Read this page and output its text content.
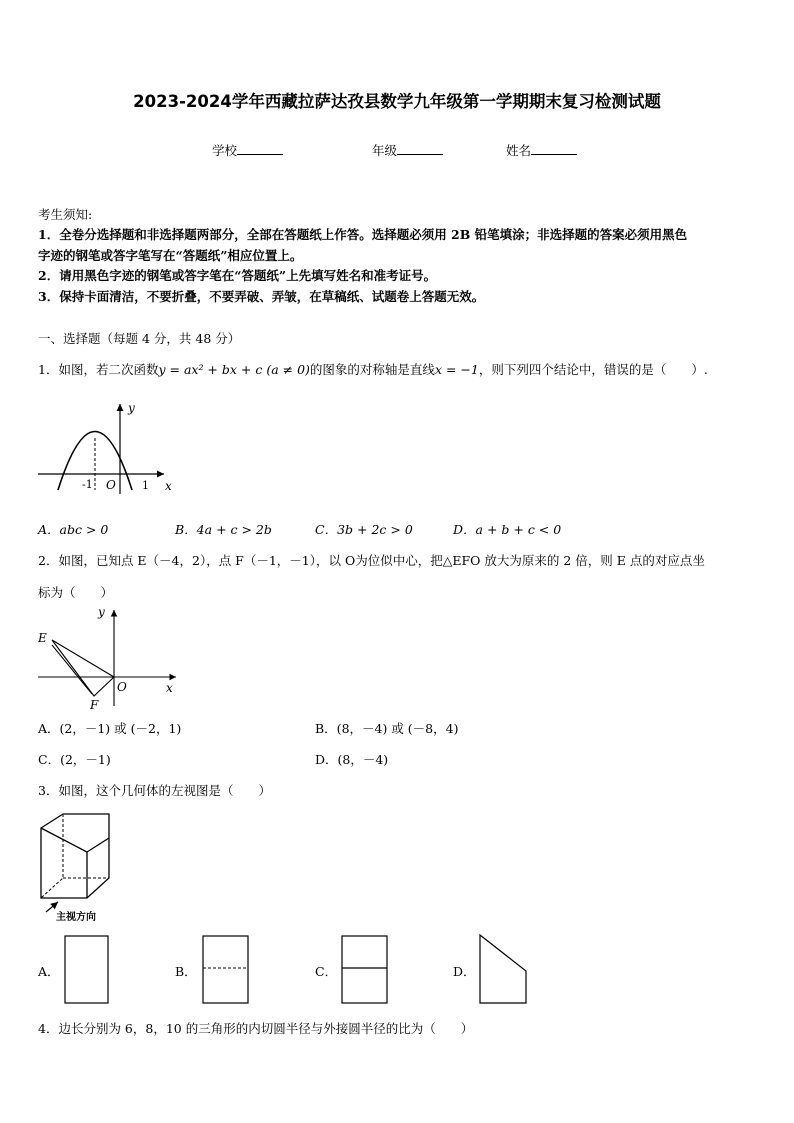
2023-2024学年西藏拉萨达孜县数学九年级第一学期期末复习检测试题
学校	年级	姓名
考生须知:
1．全卷分选择题和非选择题两部分，全部在答题纸上作答。选择题必须用 2B 铅笔填涂；非选择题的答案必须用黑色
字迹的钢笔或答字笔写在“答题纸”相应位置上。
2．请用黑色字迹的钢笔或答字笔在“答题纸”上先填写姓名和准考证号。
3．保持卡面清洁，不要折叠，不要弄破、弄皱，在草稿纸、试题卷上答题无效。
一、选择题（每题 4 分，共 48 分）
1．如图，若二次函数y = ax² + bx + c (a ≠ 0)的图象的对称轴是直线x = −1，则下列四个结论中，错误的是（　　）.
y
x
-1 O 1
A．abc > 0	B．4a + c > 2b	C．3b + 2c > 0	D．a + b + c < 0
2．如图，已知点 E（－4，2），点 F（－1，－1），以 O为位似中心，把△EFO 放大为原来的 2 倍，则 E 点的对应点坐
标为（　　）
y
x
E
F
O
A．(2，－1) 或 (－2，1)	B．(8，－4) 或 (－8，4)
C．(2，－1)	D．(8，－4)
3．如图，这个几何体的左视图是（　　）
主视方向
A．	B．	C．	D．
4．边长分别为 6，8，10 的三角形的内切圆半径与外接圆半径的比为（　　）
